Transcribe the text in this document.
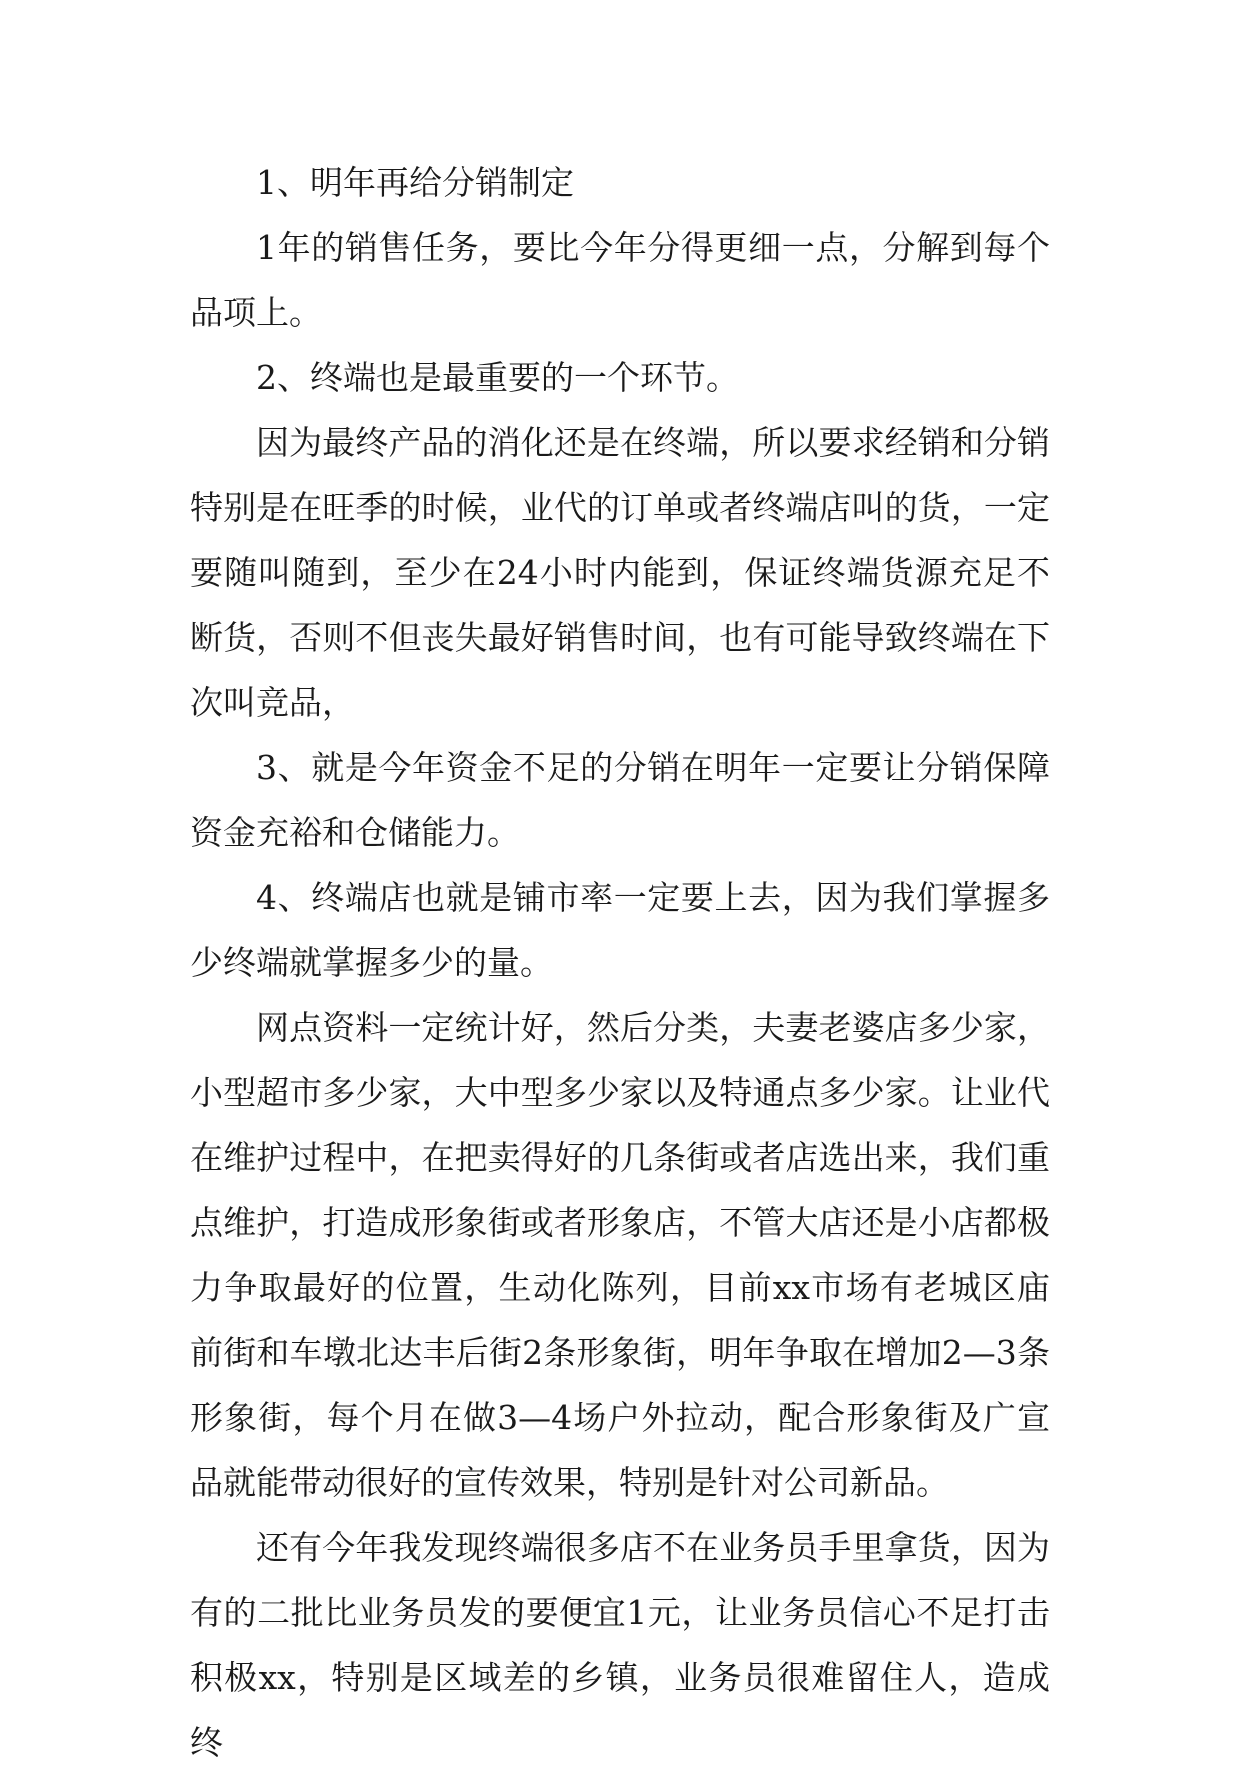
1、明年再给分销制定

1年的销售任务，要比今年分得更细一点，分解到每个品项上。

2、终端也是最重要的一个环节。

因为最终产品的消化还是在终端，所以要求经销和分销特别是在旺季的时候，业代的订单或者终端店叫的货，一定要随叫随到，至少在24小时内能到，保证终端货源充足不断货，否则不但丧失最好销售时间，也有可能导致终端在下次叫竞品，

3、就是今年资金不足的分销在明年一定要让分销保障资金充裕和仓储能力。

4、终端店也就是铺市率一定要上去，因为我们掌握多少终端就掌握多少的量。

网点资料一定统计好，然后分类，夫妻老婆店多少家，小型超市多少家，大中型多少家以及特通点多少家。让业代在维护过程中，在把卖得好的几条街或者店选出来，我们重点维护，打造成形象街或者形象店，不管大店还是小店都极力争取最好的位置，生动化陈列，目前xx市场有老城区庙前街和车墩北达丰后街2条形象街，明年争取在增加2—3条形象街，每个月在做3—4场户外拉动，配合形象街及广宣品就能带动很好的宣传效果，特别是针对公司新品。

还有今年我发现终端很多店不在业务员手里拿货，因为有的二批比业务员发的要便宜1元，让业务员信心不足打击积极xx，特别是区域差的乡镇，业务员很难留住人，造成终
